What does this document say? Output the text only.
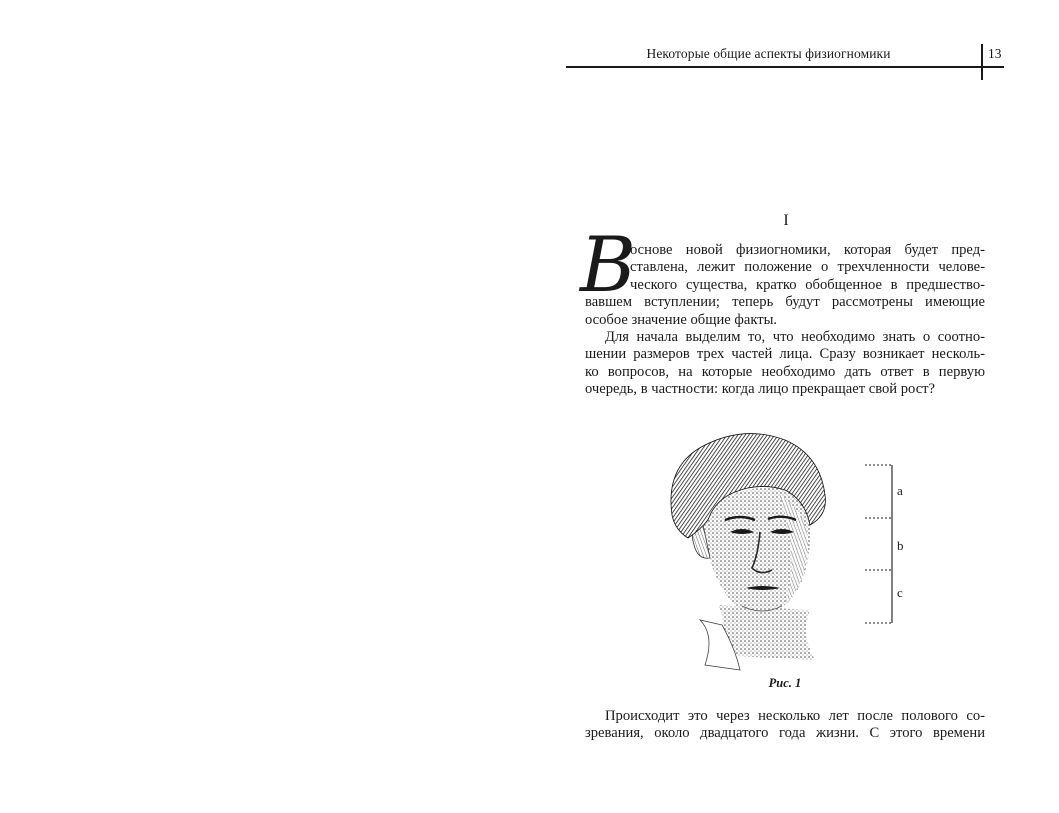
Некоторые общие аспекты физиогномики	13
I
В
основе новой физиогномики, которая будет пред-
ставлена, лежит положение о трехчленности челове-
ческого существа, кратко обобщенное в предшество-
вавшем вступлении; теперь будут рассмотрены имеющие
особое значение общие факты.
Для начала выделим то, что необходимо знать о соотно-
шении размеров трех частей лица. Сразу возникает несколь-
ко вопросов, на которые необходимо дать ответ в первую
очередь, в частности: когда лицо прекращает свой рост?
a
b
c
Рис. 1
Происходит это через несколько лет после полового со-
зревания, около двадцатого года жизни. С этого времени
